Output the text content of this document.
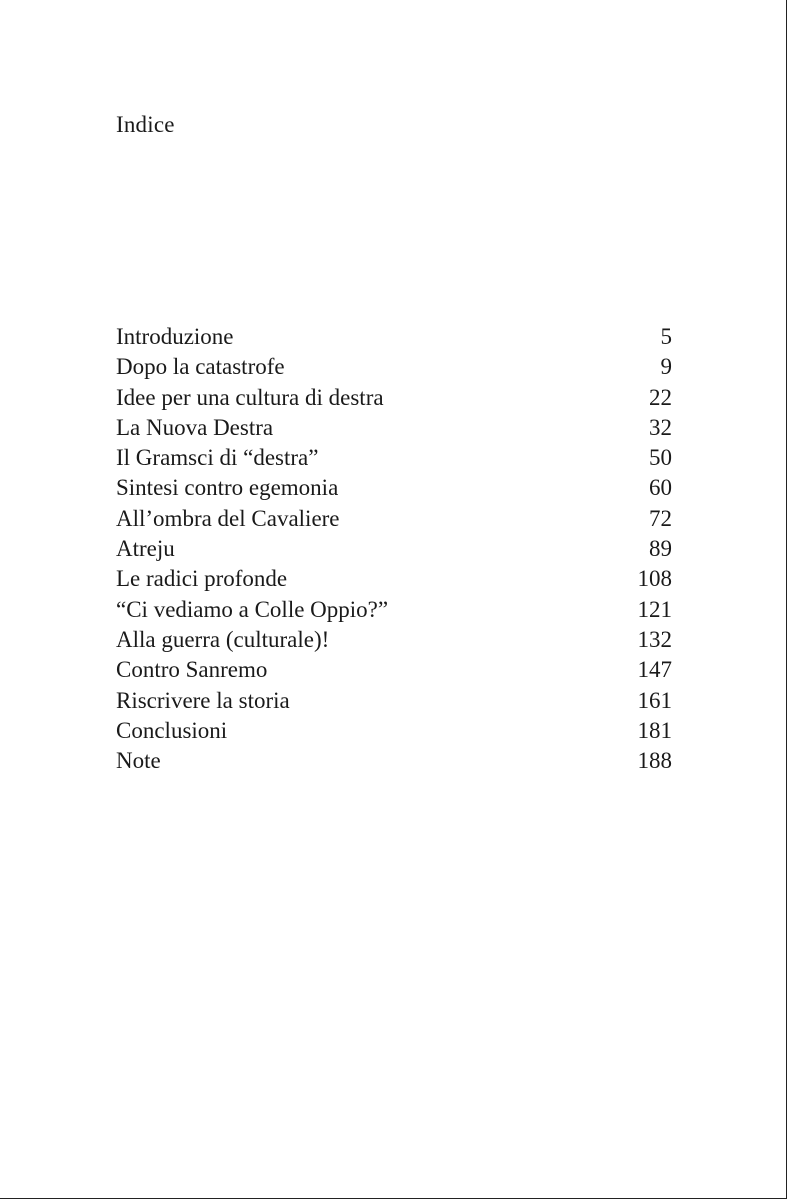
Indice
Introduzione	5
Dopo la catastrofe	9
Idee per una cultura di destra	22
La Nuova Destra	32
Il Gramsci di “destra”	50
Sintesi contro egemonia	60
All’ombra del Cavaliere	72
Atreju	89
Le radici profonde	108
“Ci vediamo a Colle Oppio?”	121
Alla guerra (culturale)!	132
Contro Sanremo	147
Riscrivere la storia	161
Conclusioni	181
Note	188
